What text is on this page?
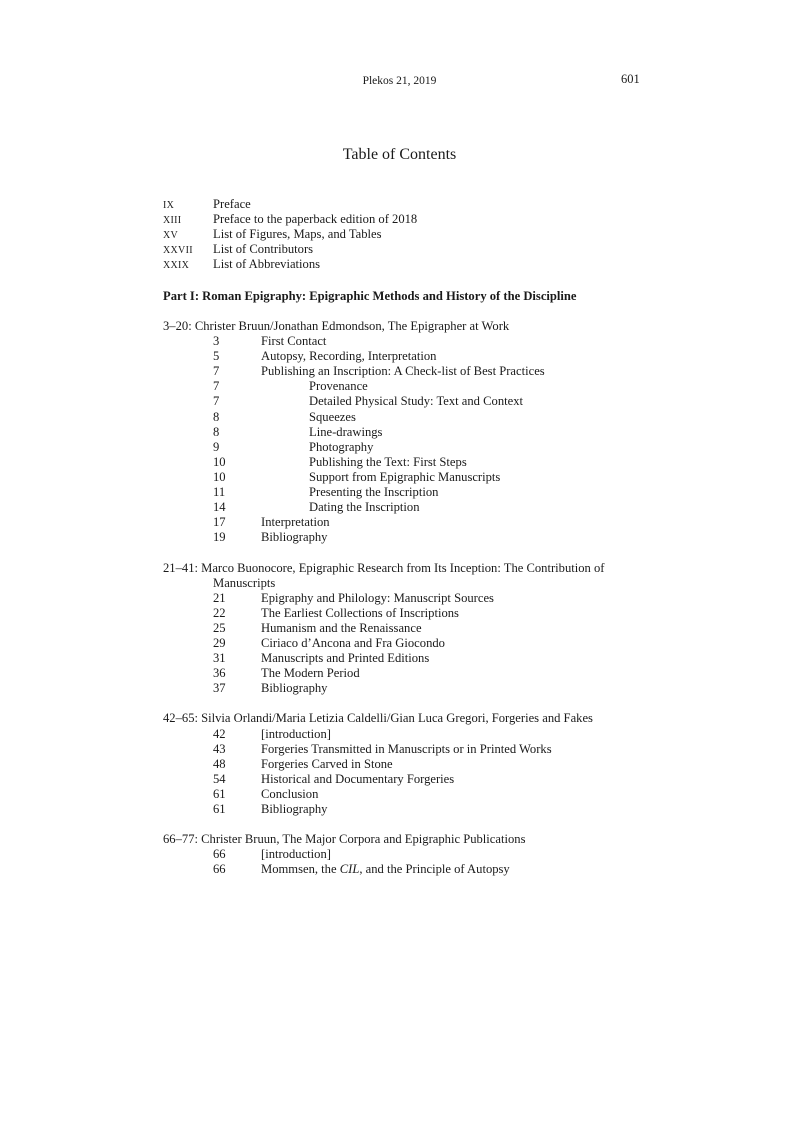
Plekos 21, 2019	601
Table of Contents
IX	Preface
XIII	Preface to the paperback edition of 2018
XV	List of Figures, Maps, and Tables
XXVII List of Contributors
XXIX List of Abbreviations
Part I: Roman Epigraphy: Epigraphic Methods and History of the Discipline
3–20: Christer Bruun/Jonathan Edmondson, The Epigrapher at Work
3	First Contact
5	Autopsy, Recording, Interpretation
7	Publishing an Inscription: A Check-list of Best Practices
7	Provenance
7	Detailed Physical Study: Text and Context
8	Squeezes
8	Line-drawings
9	Photography
10	Publishing the Text: First Steps
10	Support from Epigraphic Manuscripts
11	Presenting the Inscription
14	Dating the Inscription
17	Interpretation
19	Bibliography
21–41: Marco Buonocore, Epigraphic Research from Its Inception: The Contribution of
Manuscripts
21	Epigraphy and Philology: Manuscript Sources
22	The Earliest Collections of Inscriptions
25	Humanism and the Renaissance
29	Ciriaco d’Ancona and Fra Giocondo
31	Manuscripts and Printed Editions
36	The Modern Period
37	Bibliography
42–65: Silvia Orlandi/Maria Letizia Caldelli/Gian Luca Gregori, Forgeries and Fakes
42	[introduction]
43	Forgeries Transmitted in Manuscripts or in Printed Works
48	Forgeries Carved in Stone
54	Historical and Documentary Forgeries
61	Conclusion
61	Bibliography
66–77: Christer Bruun, The Major Corpora and Epigraphic Publications
66	[introduction]
66	Mommsen, the CIL, and the Principle of Autopsy
